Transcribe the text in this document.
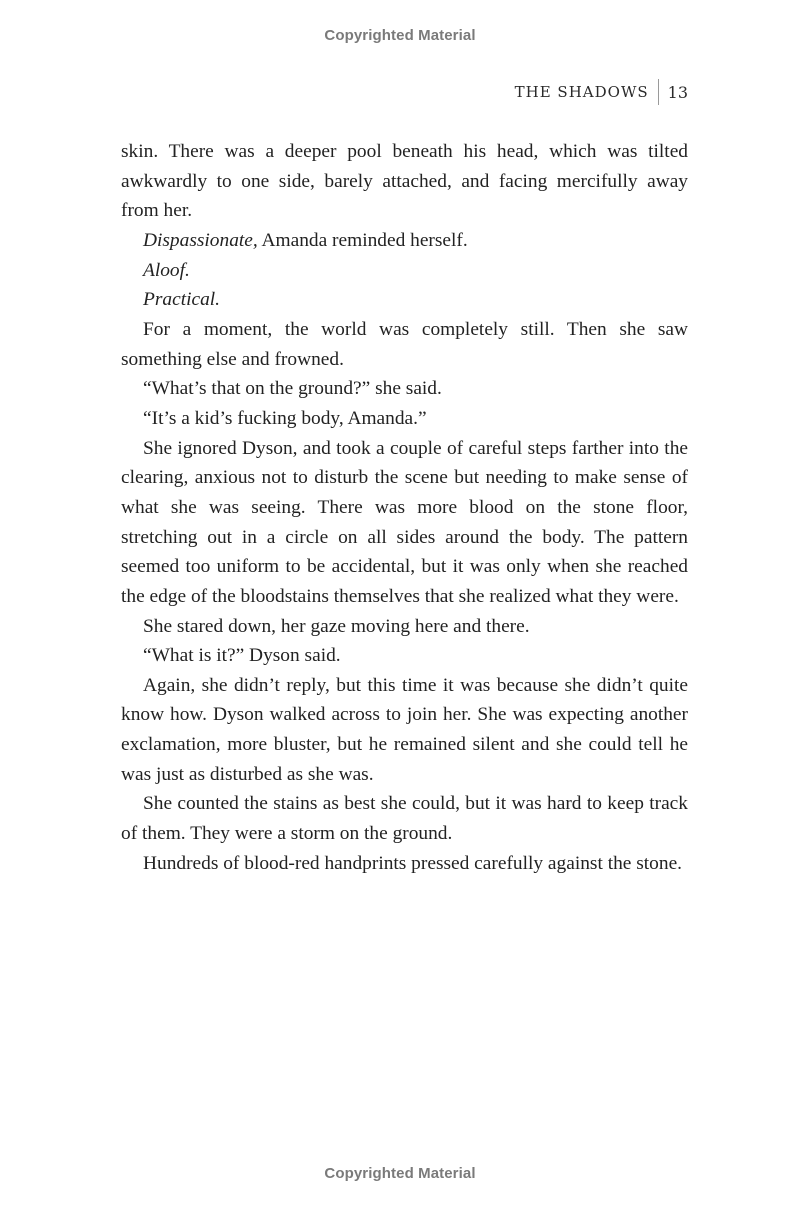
Copyrighted Material
THE SHADOWS	13

skin. There was a deeper pool beneath his head, which was tilted awkwardly to one side, barely attached, and facing mercifully away from her.

Dispassionate, Amanda reminded herself.

Aloof.

Practical.

For a moment, the world was completely still. Then she saw something else and frowned.

“What’s that on the ground?” she said.

“It’s a kid’s fucking body, Amanda.”

She ignored Dyson, and took a couple of careful steps farther into the clearing, anxious not to disturb the scene but needing to make sense of what she was seeing. There was more blood on the stone floor, stretching out in a circle on all sides around the body. The pattern seemed too uniform to be accidental, but it was only when she reached the edge of the bloodstains themselves that she realized what they were.

She stared down, her gaze moving here and there.

“What is it?” Dyson said.

Again, she didn’t reply, but this time it was because she didn’t quite know how. Dyson walked across to join her. She was expecting another exclamation, more bluster, but he remained silent and she could tell he was just as disturbed as she was.

She counted the stains as best she could, but it was hard to keep track of them. They were a storm on the ground.

Hundreds of blood-red handprints pressed carefully against the stone.

Copyrighted Material
